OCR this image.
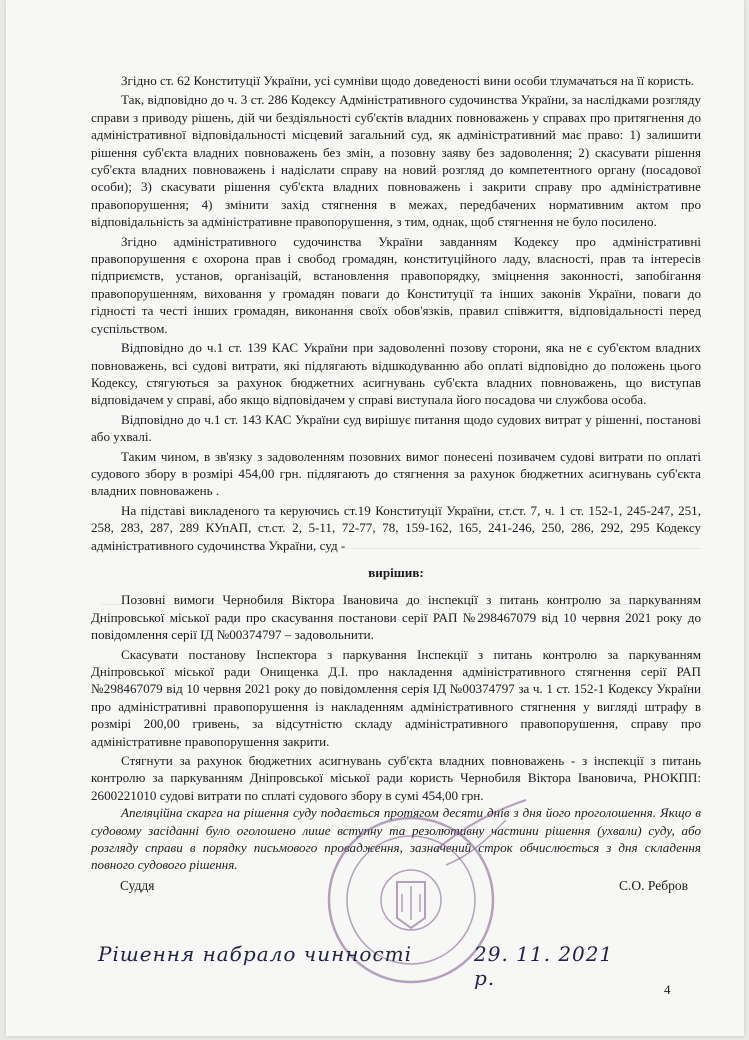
Згідно ст. 62 Конституції України, усі сумніви щодо доведеності вини особи тлумачаться на її користь.

Так, відповідно до ч. 3 ст. 286 Кодексу Адміністративного судочинства України, за наслідками розгляду справи з приводу рішень, дій чи бездіяльності суб'єктів владних повноважень у справах про притягнення до адміністративної відповідальності місцевий загальний суд, як адміністративний має право: 1) залишити рішення суб'єкта владних повноважень без змін, а позовну заяву без задоволення; 2) скасувати рішення суб'єкта владних повноважень і надіслати справу на новий розгляд до компетентного органу (посадової особи); 3) скасувати рішення суб'єкта владних повноважень і закрити справу про адміністративне правопорушення; 4) змінити захід стягнення в межах, передбачених нормативним актом про відповідальність за адміністративне правопорушення, з тим, однак, щоб стягнення не було посилено.

Згідно адміністративного судочинства України завданням Кодексу про адміністративні правопорушення є охорона прав і свобод громадян, конституційного ладу, власності, прав та інтересів підприємств, установ, організацій, встановлення правопорядку, зміцнення законності, запобігання правопорушенням, виховання у громадян поваги до Конституції та інших законів України, поваги до гідності та честі інших громадян, виконання своїх обов'язків, правил співжиття, відповідальності перед суспільством.

Відповідно до ч.1 ст. 139 КАС України при задоволенні позову сторони, яка не є суб'єктом владних повноважень, всі судові витрати, які підлягають відшкодуванню або оплаті відповідно до положень цього Кодексу, стягуються за рахунок бюджетних асигнувань суб'єкта владних повноважень, що виступав відповідачем у справі, або якщо відповідачем у справі виступала його посадова чи службова особа.

Відповідно до ч.1 ст. 143 КАС України суд вирішує питання щодо судових витрат у рішенні, постанові або ухвалі.

Таким чином, в зв'язку з задоволенням позовних вимог понесені позивачем судові витрати по оплаті судового збору в розмірі 454,00 грн. підлягають до стягнення за рахунок бюджетних асигнувань суб'єкта владних повноважень .

На підставі викладеного та керуючись ст.19 Конституції України, ст.ст. 7, ч. 1 ст. 152-1, 245-247, 251, 258, 283, 287, 289 КУпАП, ст.ст. 2, 5-11, 72-77, 78, 159-162, 165, 241-246, 250, 286, 292, 295 Кодексу адміністративного судочинства України, суд -

вирішив:

Позовні вимоги Чернобиля Віктора Івановича до інспекції з питань контролю за паркуванням Дніпровської міської ради про скасування постанови серії РАП №298467079 від 10 червня 2021 року до повідомлення серії ІД №00374797 – задовольнити.

Скасувати постанову Інспектора з паркування Інспекції з питань контролю за паркуванням Дніпровської міської ради Онищенка Д.І. про накладення адміністративного стягнення серії РАП №298467079 від 10 червня 2021 року до повідомлення серія ІД №00374797 за ч. 1 ст. 152-1 Кодексу України про адміністративні правопорушення із накладенням адміністративного стягнення у вигляді штрафу в розмірі 200,00 гривень, за відсутністю складу адміністративного правопорушення, справу про адміністративне правопорушення закрити.

Стягнути за рахунок бюджетних асигнувань суб'єкта владних повноважень - з інспекції з питань контролю за паркуванням Дніпровської міської ради користь Чернобиля Віктора Івановича, РНОКПП: 2600221010 судові витрати по сплаті судового збору в сумі 454,00 грн.

Апеляційна скарга на рішення суду подається протягом десяти днів з дня його проголошення. Якщо в судовому засіданні було оголошено лише вступну та резолютивну частини рішення (ухвали) суду, або розгляду справи в порядку письмового провадження, зазначений строк обчислюється з дня складення повного судового рішення.

Суддя	С.О. Ребров
Рішення набрало чинності	29. 11. 2021 р.	4
